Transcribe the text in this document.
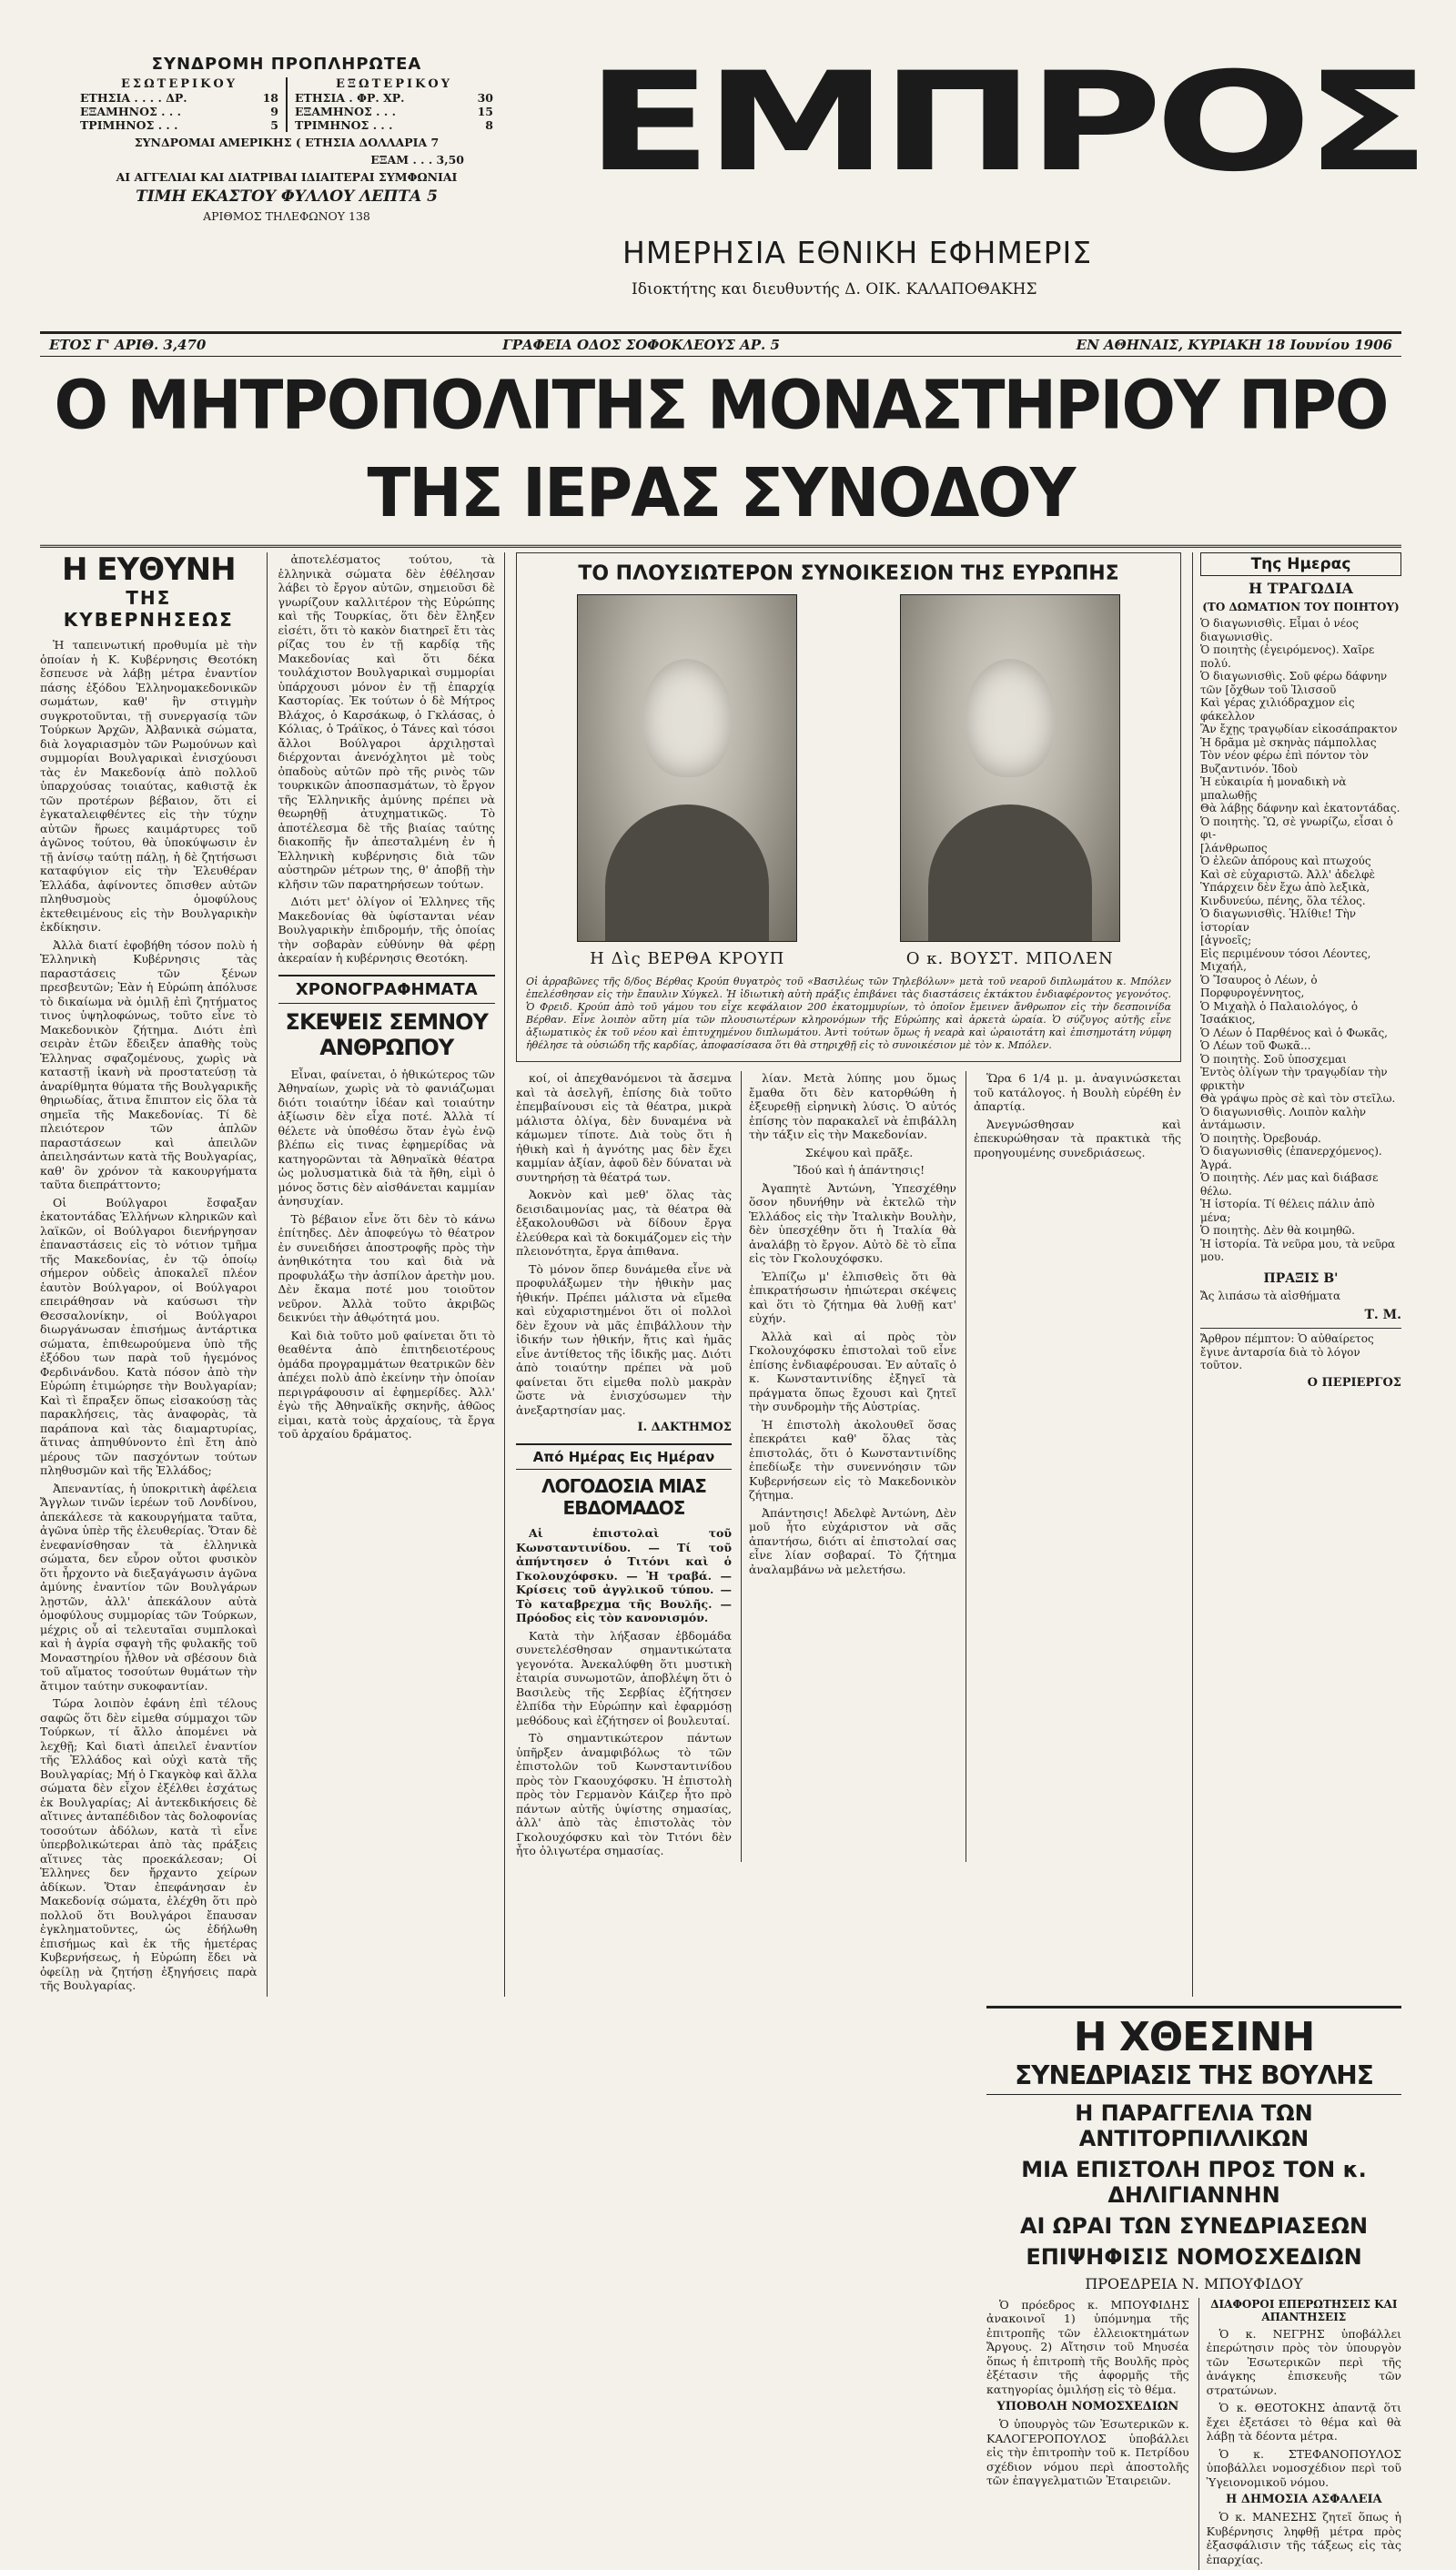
ΣΥΝΔΡΟΜΗ ΠΡΟΠΛΗΡΩΤΕΑ
ΕΣΩΤΕΡΙΚΟΥ
ΕΤΗΣΙΑ . . . . ΔΡ.	18
ΕΞΑΜΗΝΟΣ . . .	9
ΤΡΙΜΗΝΟΣ . . .	5
ΕΞΩΤΕΡΙΚΟΥ
ΕΤΗΣΙΑ . ΦΡ. ΧΡ.	30
ΕΞΑΜΗΝΟΣ . . .	15
ΤΡΙΜΗΝΟΣ . . .	8
ΣΥΝΔΡΟΜΑΙ ΑΜΕΡΙΚΗΣ ( ΕΤΗΣΙΑ ΔΟΛΛΑΡΙΑ 7
ΕΞΑΜ . . . 3,50
ΑΙ ΑΓΓΕΛΙΑΙ ΚΑΙ ΔΙΑΤΡΙΒΑΙ ΙΔΙΑΙΤΕΡΑΙ ΣΥΜΦΩΝΙΑΙ
ΤΙΜΗ ΕΚΑΣΤΟΥ ΦΥΛΛΟΥ ΛΕΠΤΑ 5
ΑΡΙΘΜΟΣ ΤΗΛΕΦΩΝΟΥ 138
ΕΜΠΡΟΣ
ΗΜΕΡΗΣΙΑ ΕΘΝΙΚΗ ΕΦΗΜΕΡΙΣ
Ιδιοκτήτης και διευθυντής Δ. ΟΙΚ. ΚΑΛΑΠΟΘΑΚΗΣ
ΕΤΟΣ Γ' ΑΡΙΘ. 3,470	ΓΡΑΦΕΙΑ ΟΔΟΣ ΣΟΦΟΚΛΕΟΥΣ ΑΡ. 5	ΕΝ ΑΘΗΝΑΙΣ, ΚΥΡΙΑΚΗ 18 Ιουνίου 1906
Ο ΜΗΤΡΟΠΟΛΙΤΗΣ ΜΟΝΑΣΤΗΡΙΟΥ ΠΡΟ ΤΗΣ ΙΕΡΑΣ ΣΥΝΟΔΟΥ
Η ΕΥΘΥΝΗ
ΤΗΣ ΚΥΒΕΡΝΗΣΕΩΣ

Ἡ ταπεινωτική προθυμία μὲ τὴν ὁποίαν ἡ Κ. Κυβέρνησις Θεοτόκη ἔσπευσε νὰ λάβῃ μέτρα ἐναντίον πάσης ἐξόδου Ἑλληνομακεδονικῶν σωμάτων, καθ' ἣν στιγμὴν συγκροτοῦνται, τῇ συνεργασίᾳ τῶν Τούρκων Ἀρχῶν, Ἀλβανικὰ σώματα, διὰ λογαριασμὸν τῶν Ρωμούνων καὶ συμμορίαι Βουλγαρικαὶ ἐνισχύουσι τὰς ἐν Μακεδονίᾳ ἀπὸ πολλοῦ ὑπαρχούσας τοιαύτας, καθιστᾷ ἐκ τῶν προτέρων βέβαιον, ὅτι εἰ ἐγκαταλειφθέντες εἰς τὴν τύχην αὐτῶν ἥρωες καιμάρτυρες τοῦ ἀγῶνος τούτου, θὰ ὑποκύψωσιν ἐν τῇ ἀνίσῳ ταύτῃ πάλῃ, ἡ δὲ ζητήσωσι καταφύγιον εἰς τὴν Ἐλευθέραν Ἑλλάδα, ἀφίνοντες ὄπισθεν αὐτῶν πληθυσμοὺς ὁμοφύλους ἐκτεθειμένους εἰς τὴν Βουλγαρικὴν ἐκδίκησιν.

Ἀλλὰ διατί ἐφοβήθη τόσον πολὺ ἡ Ἑλληνικὴ Κυβέρνησις τὰς παραστάσεις τῶν ξένων πρεσβευτῶν; Ἐὰν ἡ Εὐρώπη ἀπόλυσε τὸ δικαίωμα νὰ ὁμιλῇ ἐπὶ ζητήματος τινος ὑψηλοφώνως, τοῦτο εἶνε τὸ Μακεδονικὸν ζήτημα. Διότι ἐπὶ σειρὰν ἐτῶν ἔδειξεν ἀπαθὴς τοὺς Ἑλληνας σφαζομένους, χωρὶς νὰ καταστῇ ἱκανὴ νὰ προστατεύσῃ τὰ ἀναρίθμητα θύματα τῆς Βουλγαρικῆς θηριωδίας, ἅτινα ἔπιπτον εἰς ὅλα τὰ σημεῖα τῆς Μακεδονίας. Τί δὲ πλειότερον τῶν ἁπλῶν παραστάσεων καὶ ἀπειλῶν ἀπειλησάντων κατὰ τῆς Βουλγαρίας, καθ' ὃν χρόνον τὰ κακουργήματα ταῦτα διεπράττοντο;

Οἱ Βούλγαροι ἔσφαξαν ἑκατοντάδας Ἑλλήνων κληρικῶν καὶ λαϊκῶν, οἱ Βούλγαροι διενήργησαν ἐπαναστάσεις εἰς τὸ νότιον τμῆμα τῆς Μακεδονίας, ἐν τῷ ὁποίῳ σήμερον οὐδεὶς ἀποκαλεῖ πλέον ἑαυτὸν Βούλγαρον, οἱ Βούλγαροι επειράθησαν νὰ καύσωσι τὴν Θεσσαλονίκην, οἱ Βούλγαροι διωργάνωσαν ἐπισήμως ἀντάρτικα σώματα, ἐπιθεωρούμενα ὑπὸ τῆς ἐξόδου των παρὰ τοῦ ἡγεμόνος Φερδινάνδου. Κατὰ πόσον ἀπὸ τὴν Εὐρώπη ἐτιμώρησε τὴν Βουλγαρίαν; Καὶ τὶ ἔπραξεν ὅπως εἰσακούσῃ τὰς παρακλήσεις, τὰς ἀναφορὰς, τὰ παράπονα καὶ τὰς διαμαρτυρίας, ἅτινας ἀπηυθύνοντο ἐπὶ ἔτη ἀπὸ μέρους τῶν πασχόντων τούτων πληθυσμῶν καὶ τῆς Ἑλλάδος;

Ἀπεναντίας, ἡ ὑποκριτικὴ ἀφέλεια Ἄγγλων τινῶν ἱερέων τοῦ Λονδίνου, ἀπεκάλεσε τὰ κακουργήματα ταῦτα, ἀγῶνα ὑπὲρ τῆς ἐλευθερίας. Ὅταν δὲ ἐνεφανίσθησαν τὰ ἑλληνικὰ σώματα, δεν εὗρον οὗτοι φυσικὸν ὅτι ἦρχοντο νὰ διεξαγάγωσιν ἀγῶνα ἀμύνης ἐναντίον τῶν Βουλγάρων λῃστῶν, ἀλλ' ἀπεκάλουν αὐτὰ ὁμοφύλους συμμορίας τῶν Τούρκων, μέχρις οὗ αἱ τελευταῖαι συμπλοκαὶ καὶ ἡ ἀγρία σφαγὴ τῆς φυλακῆς τοῦ Μοναστηρίου ἦλθον νὰ σβέσουν διὰ τοῦ αἵματος τοσούτων θυμάτων τὴν ἄτιμον ταύτην συκοφαντίαν.

Τώρα λοιπὸν ἐφάνη ἐπὶ τέλους σαφῶς ὅτι δὲν εἰμεθα σύμμαχοι τῶν Τούρκων, τί ἄλλο ἀπομένει νὰ λεχθῇ; Καὶ διατὶ ἀπειλεῖ ἐναντίον τῆς Ἑλλάδος καὶ οὐχὶ κατὰ τῆς Βουλγαρίας; Μή ὁ Γκαγκὸφ καὶ ἄλλα σώματα δὲν εἶχον ἐξέλθει ἐσχάτως ἐκ Βουλγαρίας; Αἱ ἀντεκδικήσεις δὲ αἵτινες ἀνταπέδιδον τὰς δολοφονίας τοσούτων ἀδόλων, κατὰ τὶ εἶνε ὑπερβολικώτεραι ἀπὸ τὰς πράξεις αἵτινες τὰς προεκάλεσαν; Οἱ Ἑλληνες δεν ἤρχαντο χείρων ἀδίκων. Ὅταν ἐπεφάνησαν ἐν Μακεδονίᾳ σώματα, ἐλέχθη ὅτι πρὸ πολλοῦ ὅτι Βουλγάροι ἔπαυσαν ἐγκληματοῦντες, ὡς ἐδήλωθη ἐπισήμως καὶ ἐκ τῆς ἡμετέρας Κυβερνήσεως, ἡ Εὐρώπη ἔδει νὰ ὀφείλῃ νὰ ζητήσῃ ἐξηγήσεις παρὰ τῆς Βουλγαρίας.

ἀποτελέσματος τούτου, τὰ ἑλληνικὰ σώματα δὲν ἐθέλησαν λάβει τὸ ἔργον αὐτῶν, σημειοῦσι δὲ γνωρίζουν καλλιτέρον τὴς Εὐρώπης καὶ τῆς Τουρκίας, ὅτι δὲν ἔληξεν εἰσέτι, ὅτι τὸ κακὸν διατηρεῖ ἔτι τὰς ρίζας του ἐν τῇ καρδίᾳ τῆς Μακεδονίας καὶ ὅτι δέκα τουλάχιστον Βουλγαρικαὶ συμμορίαι ὑπάρχουσι μόνον ἐν τῇ ἐπαρχίᾳ Καστορίας. Ἐκ τούτων ὁ δὲ Μήτρος Βλάχος, ὁ Καρσάκωφ, ὁ Γκλάσας, ὁ Κόλιας, ὁ Τράϊκος, ὁ Τάνες καὶ τόσοι ἄλλοι Βούλγαροι ἀρχιλῃσταὶ διέρχονται ἀνενόχλητοι μὲ τοὺς ὀπαδοὺς αὐτῶν πρὸ τῆς ρινὸς τῶν τουρκικῶν ἀποσπασμάτων, τὸ ἔργον τῆς Ἑλληνικῆς ἀμύνης πρέπει νὰ θεωρηθῇ ἀτυχηματικῶς. Τὸ ἀποτέλεσμα δὲ τῆς βιαίας ταύτης διακοπῆς ἤν ἀπεσταλμένη ἐν ἡ Ἑλληνικὴ κυβέρνησις διὰ τῶν αὐστηρῶν μέτρων της, θ' ἀποβῇ τὴν κλῆσιν τῶν παρατηρήσεων τούτων.

Διότι μετ' ὀλίγον οἱ Ἑλληνες τῆς Μακεδονίας θὰ ὑφίστανται νέαν Βουλγαρικὴν ἐπιδρομήν, τῆς ὁποίας τὴν σοβαρὰν εὐθύνην θὰ φέρῃ ἀκεραίαν ἡ κυβέρνησις Θεοτόκη.

ΧΡΟΝΟΓΡΑΦΗΜΑΤΑ
ΣΚΕΨΕΙΣ ΣΕΜΝΟΥ ΑΝΘΡΩΠΟΥ

Εἶναι, φαίνεται, ὁ ἠθικώτερος τῶν Ἀθηναίων, χωρὶς νὰ τὸ φανιάζωμαι διότι τοιαύτην ἰδέαν καὶ τοιαύτην ἀξίωσιν δὲν εἶχα ποτέ. Ἀλλὰ τί θέλετε νὰ ὑποθέσω ὅταν ἐγὼ ἐνῷ βλέπω εἰς τινας ἐφημερίδας νὰ κατηγορῶνται τὰ Ἀθηναϊκὰ θέατρα ὡς μολυσματικὰ διὰ τὰ ἤθη, εἰμὶ ὁ μόνος ὅστις δὲν αἰσθάνεται καμμίαν ἀνησυχίαν.

Τὸ βέβαιον εἶνε ὅτι δὲν τὸ κάνω ἐπίτηδες. Δὲν ἀποφεύγω τὸ θέατρον ἐν συνειδήσει ἀποστροφῆς πρὸς τὴν ἀνηθικότητα του καὶ διὰ νὰ προφυλάξω τὴν ἀσπίλον ἀρετὴν μου. Δὲν ἔκαμα ποτέ μου τοιοῦτον νεῦρον. Ἀλλὰ τοῦτο ἀκριβῶς δεικνύει τὴν ἀθῳότητά μου.

Καὶ διὰ τοῦτο μοῦ φαίνεται ὅτι τὸ θεαθέντα ἀπὸ ἐπιτηδειοτέρους ὁμάδα προγραμμάτων θεατρικῶν δὲν ἀπέχει πολὺ ἀπὸ ἐκείνην τὴν ὁποίαν περιγράφουσιν αἱ ἐφημερίδες. Ἀλλ' ἐγὼ τῆς Ἀθηναϊκῆς σκηνῆς, ἀθῶος εἰμαι, κατὰ τοὺς ἀρχαίους, τὰ ἔργα τοῦ ἀρχαίου δράματος.

ΤΟ ΠΛΟΥΣΙΩΤΕΡΟΝ ΣΥΝΟΙΚΕΣΙΟΝ ΤΗΣ ΕΥΡΩΠΗΣ
Η Δὶς ΒΕΡΘΑ ΚΡΟΥΠ	Ο κ. ΒΟΥΣΤ. ΜΠΟΛΕΝ
Οἱ ἀρραβῶνες τῆς δ/δος Βέρθας Κρούπ θυγατρὸς τοῦ «Βασιλέως τῶν Τηλεβόλων» μετὰ τοῦ νεαροῦ διπλωμάτου κ. Μπόλεν ἐπελέσθησαν εἰς τὴν ἔπαυλιν Χύγκελ. Ἡ ἰδιωτικὴ αὐτὴ πράξις ἐπιβάνει τὰς διαστάσεις ἐκτάκτου ἐνδιαφέροντος γεγονότος. Ὁ Φρειδ. Κρούπ ἀπὸ τοῦ γάμου του εἶχε κεφάλαιον 200 ἑκατομμυρίων, τὸ ὁποῖον ἔμεινεν ἄνθρωπον εἰς τὴν δεσποινίδα Βέρθαν. Εἶνε λοιπὸν αὕτη μία τῶν πλουσιωτέρων κληρονόμων τῆς Εὐρώπης καὶ ἀρκετὰ ὡραία. Ὁ σύζυγος αὐτῆς εἶνε ἀξιωματικὸς ἐκ τοῦ νέου καὶ ἐπιτυχημένου διπλωμάτου. Ἀντὶ τούτων ὅμως ἡ νεαρὰ καὶ ὡραιοτάτη καὶ ἐπισημοτάτη νύμφη ἠθέλησε τὰ οὐσιώδη τῆς καρδίας, ἀποφασίσασα ὅτι θὰ στηριχθῇ εἰς τὸ συνοικέσιον μὲ τὸν κ. Μπόλεν.

κοί, οἱ ἀπεχθανόμενοι τὰ ἄσεμνα καὶ τὰ ἀσελγῆ, ἐπίσης διὰ τοῦτο ἐπεμβαίνουσι εἰς τὰ θέατρα, μικρὰ μάλιστα ὀλίγα, δὲν δυναμένα νὰ κάμωμεν τίποτε. Διὰ τοὺς ὅτι ἡ ἠθικὴ καὶ ἡ ἀγνότης μας δὲν ἔχει καμμίαν ἀξίαν, ἀφοῦ δὲν δύναται νὰ συντηρήσῃ τὰ θέατρά των.

Ἀοκνὸν καὶ μεθ' ὅλας τὰς δεισιδαιμονίας μας, τὰ θέατρα θὰ ἐξακολουθῶσι νὰ δίδουν ἔργα ἐλεύθερα καὶ τὰ δοκιμάζομεν εἰς τὴν πλειονότητα, ἔργα ἀπιθανα.

Τὸ μόνον ὅπερ δυνάμεθα εἶνε νὰ προφυλάξωμεν τὴν ἠθικὴν μας ἠθικήν. Πρέπει μάλιστα νὰ εἴμεθα καὶ εὐχαριστημένοι ὅτι οἱ πολλοὶ δὲν ἔχουν νὰ μᾶς ἐπιβάλλουν τὴν ἰδικήν των ἠθικήν, ἤτις καὶ ἡμᾶς εἶνε ἀντίθετος τῆς ἰδικῆς μας. Διότι ἀπὸ τοιαύτην πρέπει νὰ μοῦ φαίνεται ὅτι εἰμεθα πολὺ μακρὰν ὥστε νὰ ἐνισχύσωμεν τὴν ἀνεξαρτησίαν μας.

Ι. ΔΑΚΤΗΜΟΣ
Από Ημέρας Εις Ημέραν
ΛΟΓΟΔΟΣΙΑ ΜΙΑΣ ΕΒΔΟΜΑΔΟΣ

Αἱ ἐπιστολαὶ τοῦ Κωνσταντινίδου. — Τί τοῦ ἀπήντησεν ὁ Τιτόνι καὶ ὁ Γκολουχόφσκυ. — Ἡ τραβά. — Κρίσεις τοῦ ἀγγλικοῦ τύπου. — Τὸ καταβρεχμα τῆς Βουλῆς. — Πρόοδος εἰς τὸν κανονισμόν.

Κατὰ τὴν λήξασαν ἑβδομάδα συνετελέσθησαν σημαντικώτατα γεγονότα. Ἀνεκαλύφθη ὅτι μυστικὴ ἑταιρία συνωμοτῶν, ἀποβλέψη ὅτι ὁ Βασιλεὺς τῆς Σερβίας ἐζήτησεν ἐλπίδα τὴν Εὐρώπην καὶ ἐφαρμόσῃ μεθόδους καὶ ἐζήτησεν οἱ βουλευταί.

Τὸ σημαντικώτερον πάντων ὑπῆρξεν ἀναμφιβόλως τὸ τῶν ἐπιστολῶν τοῦ Κωνσταντινίδου πρὸς τὸν Γκαουχόφσκυ. Ἡ ἐπιστολὴ πρὸς τὸν Γερμανὸν Κάιζερ ἦτο πρὸ πάντων αὐτῆς ὑψίστης σημασίας, ἀλλ' ἀπὸ τὰς ἐπιστολὰς τὸν Γκολουχόφσκυ καὶ τὸν Τιτόνι δὲν ἦτο ὀλιγωτέρα σημασίας.

λίαν. Μετὰ λύπης μου ὅμως ἔμαθα ὅτι δὲν κατορθώθη ἡ ἐξευρεθῇ εἰρηνικὴ λύσις. Ὁ αὐτός ἐπίσης τὸν παρακαλεῖ νὰ ἐπιβάλλη τὴν τάξιν εἰς τὴν Μακεδονίαν.

Σκέψου καὶ πρᾶξε.

Ἴδού καὶ ἡ ἀπάντησις!

Ἀγαπητὲ Ἀντώνη, Ὑπεσχέθην ὅσον ηδυνήθην νὰ ἐκτελῶ τὴν Ἑλλάδος εἰς τὴν Ἰταλικὴν Βουλὴν, δὲν ὑπεσχέθην ὅτι ἡ Ἰταλία θὰ ἀναλάβῃ τὸ ἔργον. Αὐτὸ δὲ τὸ εἶπα εἰς τὸν Γκολουχόφσκυ.

Ἐλπίζω μ' ἐλπισθεὶς ὅτι θὰ ἐπικρατήσωσιν ἠπιώτεραι σκέψεις καὶ ὅτι τὸ ζήτημα θὰ λυθῇ κατ' εὐχήν.

Ἀλλὰ καὶ αἱ πρὸς τὸν Γκολουχόφσκυ ἐπιστολαὶ τοῦ εἶνε ἐπίσης ἐνδιαφέρουσαι. Ἐν αὐταῖς ὁ κ. Κωνσταντινίδης ἐξηγεῖ τὰ πράγματα ὅπως ἔχουσι καὶ ζητεῖ τὴν συνδρομὴν τῆς Αὐστρίας.

Ἡ ἐπιστολὴ ἀκολουθεῖ ὅσας ἐπεκράτει καθ' ὅλας τὰς ἐπιστολάς, ὅτι ὁ Κωνσταντινίδης ἐπεδίωξε τὴν συνεννόησιν τῶν Κυβερνήσεων εἰς τὸ Μακεδονικὸν ζήτημα.

Ἀπάντησις! Ἀδελφὲ Ἀντώνη, Δὲν μοῦ ἦτο εὐχάριστον νὰ σᾶς ἀπαντήσω, διότι αἱ ἐπιστολαί σας εἶνε λίαν σοβαραί. Τὸ ζήτημα ἀναλαμβάνω νὰ μελετήσω.

Ὥρα 6 1/4 μ. μ. ἀναγινώσκεται τοῦ κατάλογος. ἡ Βουλὴ εὑρέθη ἐν ἀπαρτίᾳ.

Ἀνεγνώσθησαν καὶ ἐπεκυρώθησαν τὰ πρακτικὰ τῆς προηγουμένης συνεδριάσεως.

Της Ημερας
Η ΤΡΑΓΩΔΙΑ
(ΤΟ ΔΩΜΑΤΙΟΝ ΤΟΥ ΠΟΙΗΤΟΥ)
Ὁ διαγωνισθὶς. Εἶμαι ὁ νέος διαγωνισθὶς.
Ὁ ποιητὴς (ἐγειρόμενος). Χαῖρε πολύ.
Ὁ διαγωνισθὶς. Σοῦ φέρω δάφνην τῶν [ὄχθων τοῦ Ἰλισσοῦ
Καὶ γέρας χιλιόδραχμον εἰς φάκελλον
Ἂν ἔχῃς τραγῳδίαν εἰκοσάπρακτον
Ἡ δρᾶμα μὲ σκηνὰς πάμπολλας
Τὸν νέον φέρω ἐπὶ πόντον τὸν Βυζαντινόν. Ἰδοὺ
Ἡ εὐκαιρία ἡ μοναδικὴ νὰ μπαλωθῇς
Θὰ λάβῃς δάφνην καὶ ἑκατοντάδας.
Ὁ ποιητὴς. Ὢ, σὲ γνωρίζω, εἶσαι ὁ φι-
[λάνθρωπος
Ὁ ἐλεῶν ἀπόρους καὶ πτωχούς
Καὶ σὲ εὐχαριστῶ. Ἀλλ' ἀδελφὲ
Ὑπάρχειν δὲν ἔχω ἀπὸ λεξικὰ,
Κινδυνεύω, πένης, ὅλα τέλος.
Ὁ διαγωνισθὶς. Ἡλίθιε! Τὴν ἱστορίαν
[ἀγνοεῖς;
Εἰς περιμένουν τόσοι Λέοντες, Μιχαήλ,
Ὁ Ἴσαυρος ὁ Λέων, ὁ Πορφυρογέννητος,
Ὁ Μιχαὴλ ὁ Παλαιολόγος, ὁ Ἰσαάκιος,
Ὁ Λέων ὁ Παρθένος καὶ ὁ Φωκᾶς,
Ὁ Λέων τοῦ Φωκᾶ...
Ὁ ποιητὴς. Σοῦ ὑποσχεμαι
Ἐντὸς ὀλίγων τὴν τραγῳδίαν τὴν φρικτὴν
Θὰ γράψω πρὸς σὲ καὶ τὸν στεῖλω.
Ὁ διαγωνισθὶς. Λοιπὸν καλὴν ἀντάμωσιν.
Ὁ ποιητὴς. Ὀρεβουάρ.
Ὁ διαγωνισθὶς (ἐπανερχόμενος). Ἀγρά.
Ὁ ποιητὴς. Λέν μας καὶ διάβασε θέλω.
Ἡ ἱστορία. Τί θέλεις πάλιν ἀπὸ μένα;
Ὁ ποιητὴς. Δὲν θὰ κοιμηθῶ.
Ἡ ἱστορία. Τὰ νεῦρα μου, τὰ νεῦρα μου.
ΠΡΑΞΙΣ Β'
Ἄς λιπάσω τὰ αἰσθήματα
Τ. Μ.
Ἄρθρον πέμπτον: Ὁ αὐθαίρετος ἔγινε ἀνταρσία διὰ τὸ λόγον τοῦτον.
Ο ΠΕΡΙΕΡΓΟΣ
Η ΧΘΕΣΙΝΗ
ΣΥΝΕΔΡΙΑΣΙΣ ΤΗΣ ΒΟΥΛΗΣ
Η ΠΑΡΑΓΓΕΛΙΑ ΤΩΝ ΑΝΤΙΤΟΡΠΙΛΛΙΚΩΝ
ΜΙΑ ΕΠΙΣΤΟΛΗ ΠΡΟΣ ΤΟΝ κ. ΔΗΛΙΓΙΑΝΝΗΝ
ΑΙ ΩΡΑΙ ΤΩΝ ΣΥΝΕΔΡΙΑΣΕΩΝ
ΕΠΙΨΗΦΙΣΙΣ ΝΟΜΟΣΧΕΔΙΩΝ
ΠΡΟΕΔΡΕΙΑ Ν. ΜΠΟΥΦΙΔΟΥ

Ὁ πρόεδρος κ. ΜΠΟΥΦΙΔΗΣ ἀνακοινοῖ 1) ὑπόμνημα τῆς ἐπιτροπῆς τῶν ἐλλειοκτημάτων Ἄργους. 2) Αἴτησιν τοῦ Μηυσέα ὅπως ἡ ἐπιτροπὴ τῆς Βουλῆς πρὸς ἐξέτασιν τῆς ἀφορμῆς τῆς κατηγορίας ὁμιλήσῃ εἰς τὸ θέμα.

ΥΠΟΒΟΛΗ ΝΟΜΟΣΧΕΔΙΩΝ

Ὁ ὑπουργὸς τῶν Ἐσωτερικῶν κ. ΚΑΛΟΓΕΡΟΠΟΥΛΟΣ ὑποβάλλει εἰς τὴν ἐπιτροπὴν τοῦ κ. Πετρίδου σχέδιον νόμου περὶ ἀποστολῆς τῶν ἐπαγγελματιῶν Ἑταιρειῶν.

ΔΙΑΦΟΡΟΙ ΕΠΕΡΩΤΗΣΕΙΣ ΚΑΙ ΑΠΑΝΤΗΣΕΙΣ

Ὁ κ. ΝΕΓΡΗΣ ὑποβάλλει ἐπερώτησιν πρὸς τὸν ὑπουργὸν τῶν Ἐσωτερικῶν περὶ τῆς ἀνάγκης ἐπισκευῆς τῶν στρατώνων.

Ὁ κ. ΘΕΟΤΟΚΗΣ ἀπαντᾷ ὅτι ἔχει ἐξετάσει τὸ θέμα καὶ θὰ λάβῃ τὰ δέοντα μέτρα.

Ὁ κ. ΣΤΕΦΑΝΟΠΟΥΛΟΣ ὑποβάλλει νομοσχέδιον περὶ τοῦ Ὑγειονομικοῦ νόμου.

Η ΔΗΜΟΣΙΑ ΑΣΦΑΛΕΙΑ

Ὁ κ. ΜΑΝΕΣΗΣ ζητεῖ ὅπως ἡ Κυβέρνησις ληφθῇ μέτρα πρὸς ἐξασφάλισιν τῆς τάξεως εἰς τὰς ἐπαρχίας.
